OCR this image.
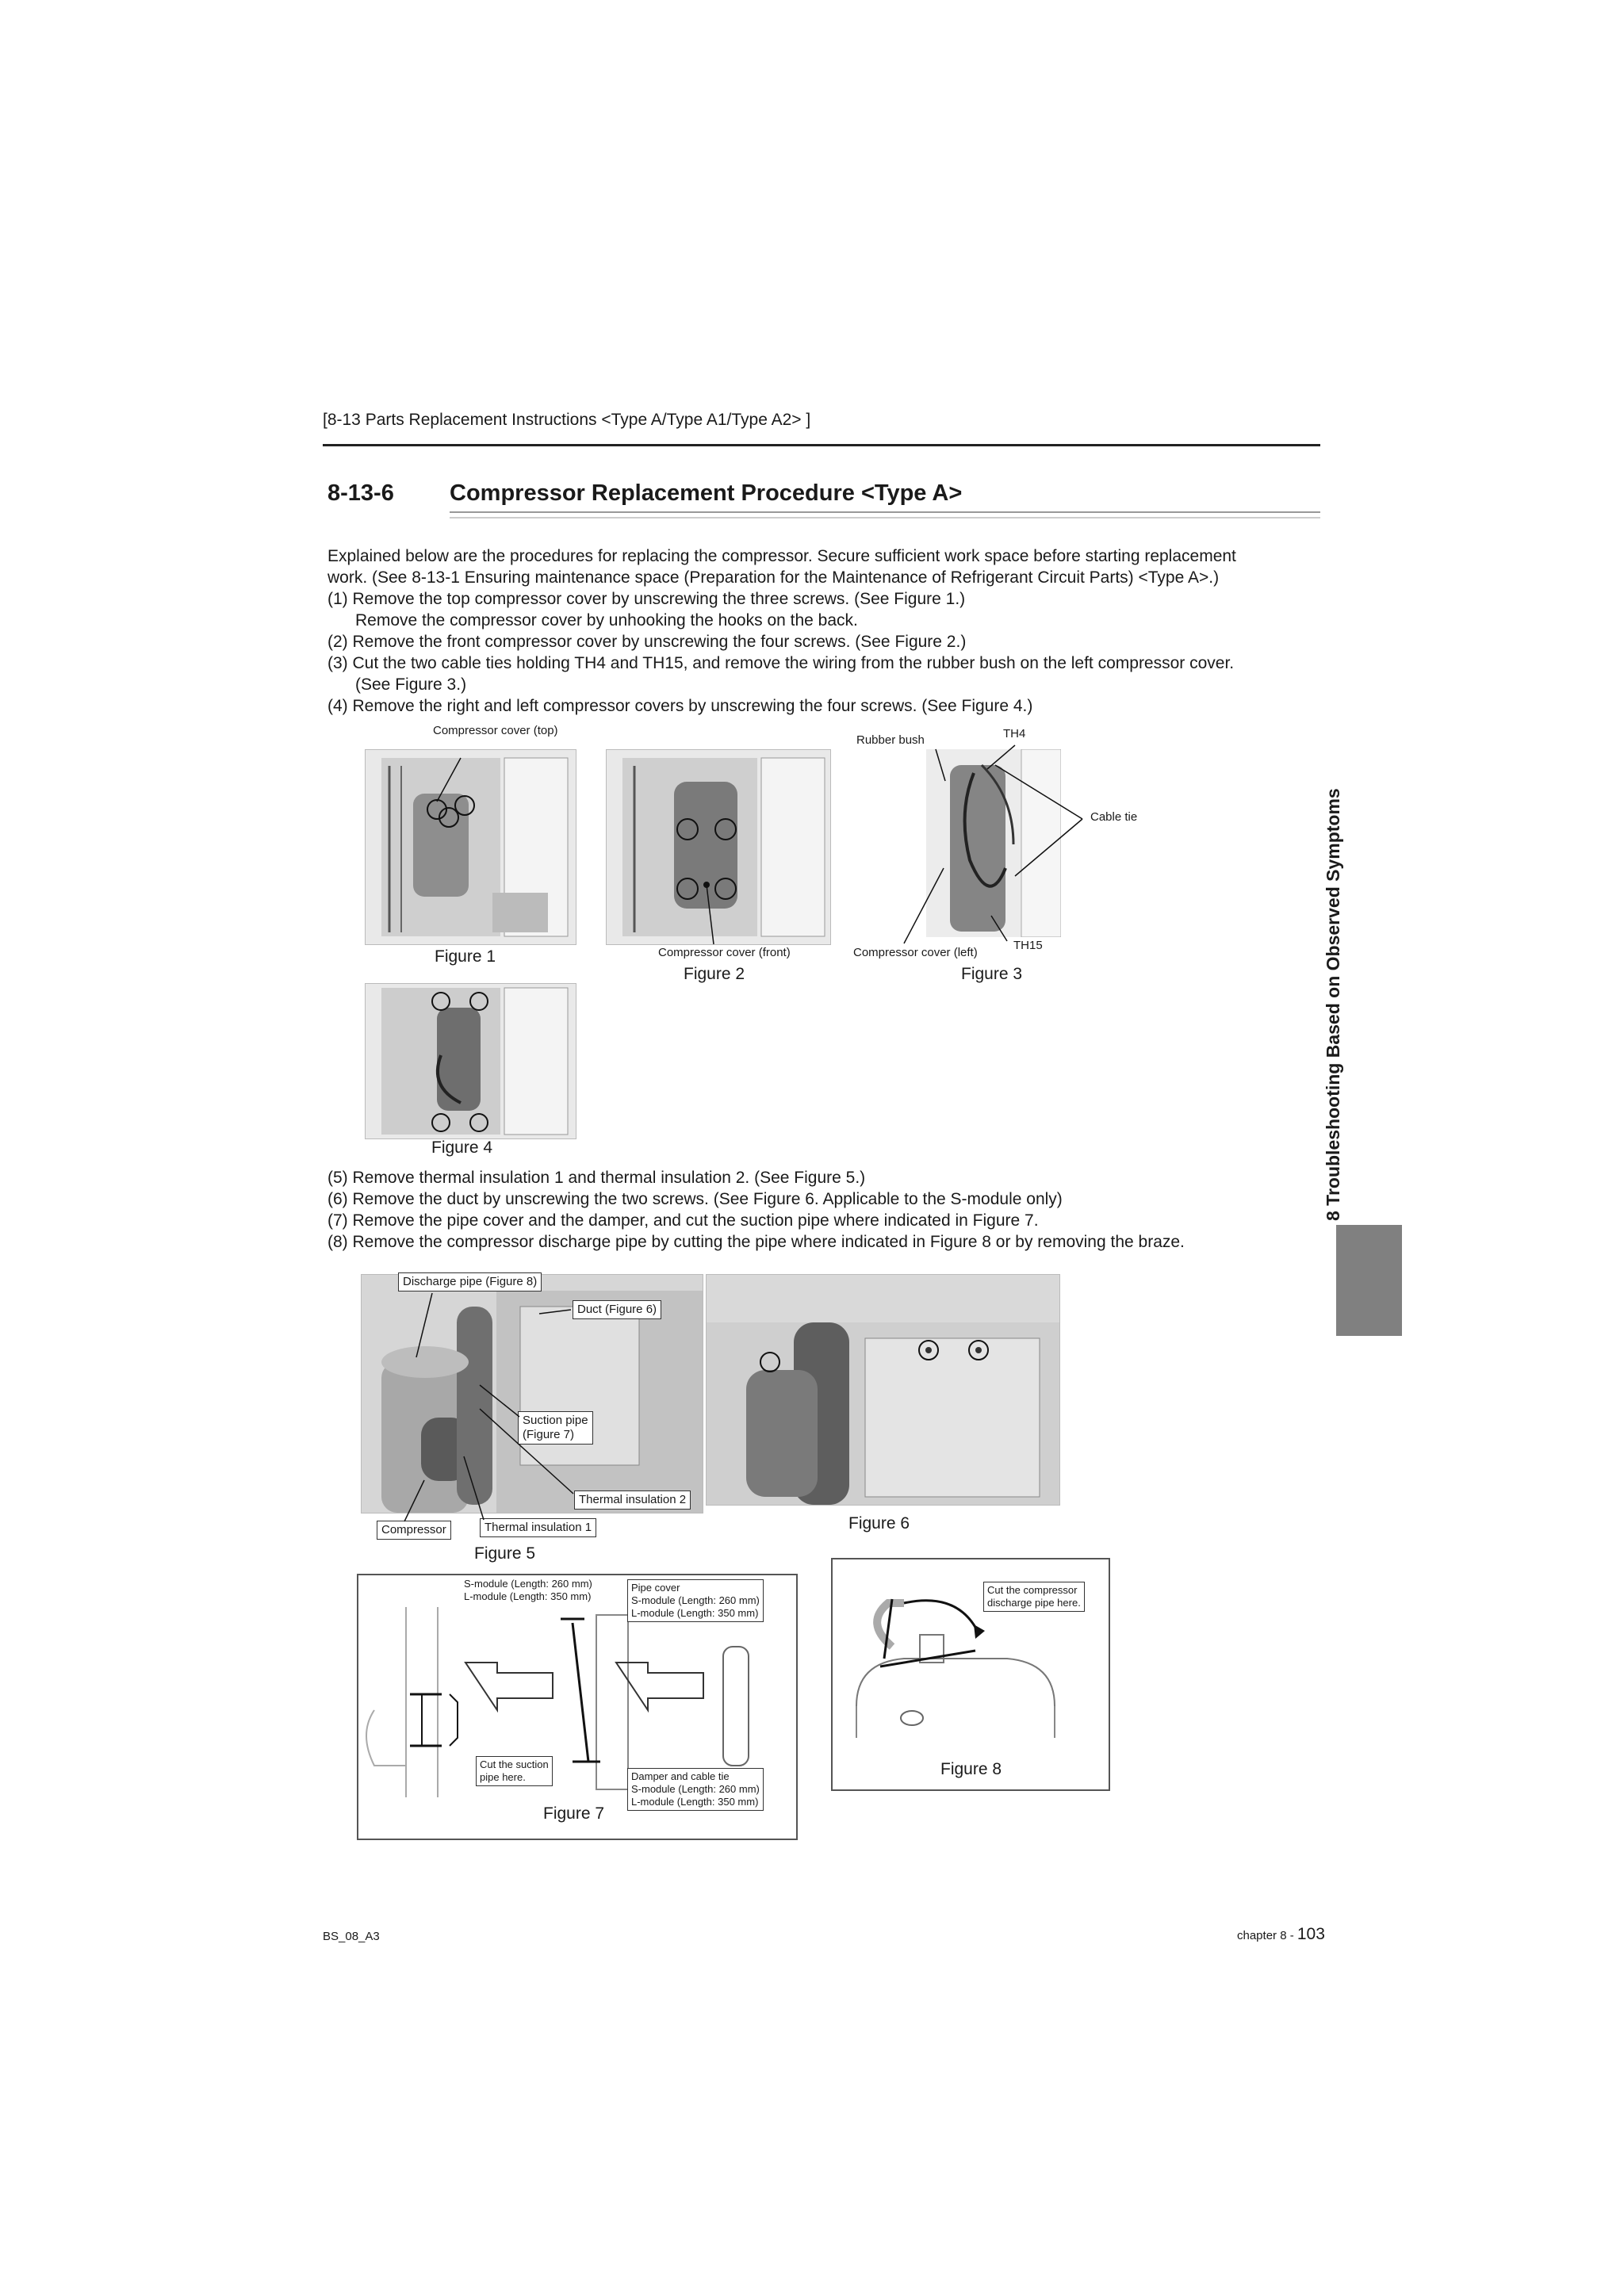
[8-13 Parts Replacement Instructions <Type A/Type A1/Type A2> ]
8-13-6 Compressor Replacement Procedure <Type A>
Explained below are the procedures for replacing the compressor. Secure sufficient work space before starting replacement
work. (See 8-13-1 Ensuring maintenance space (Preparation for the Maintenance of Refrigerant Circuit Parts) <Type A>.)
(1) Remove the top compressor cover by unscrewing the three screws. (See Figure 1.)
Remove the compressor cover by unhooking the hooks on the back.
(2) Remove the front compressor cover by unscrewing the four screws. (See Figure 2.)
(3) Cut the two cable ties holding TH4 and TH15, and remove the wiring from the rubber bush on the left compressor cover.
(See Figure 3.)
(4) Remove the right and left compressor covers by unscrewing the four screws. (See Figure 4.)
Compressor cover (top)
Figure 1	Compressor cover (front)
Figure 2
Rubber bush	TH4
Cable tie
TH15
Compressor cover (left)
Figure 3
Figure 4
(5) Remove thermal insulation 1 and thermal insulation 2. (See Figure 5.)
(6) Remove the duct by unscrewing the two screws. (See Figure 6. Applicable to the S-module only)
(7) Remove the pipe cover and the damper, and cut the suction pipe where indicated in Figure 7.
(8) Remove the compressor discharge pipe by cutting the pipe where indicated in Figure 8 or by removing the braze.
Discharge pipe (Figure 8)
Duct (Figure 6)
Suction pipe
(Figure 7)
Thermal insulation 2
Thermal insulation 1
Compressor
Figure 5
Figure 6
S-module (Length: 260 mm)
L-module (Length: 350 mm)
Pipe cover
S-module (Length: 260 mm)
L-module (Length: 350 mm)
Cut the suction
pipe here.	Damper and cable tie
S-module (Length: 260 mm)
L-module (Length: 350 mm)
Figure 7
Cut the compressor
discharge pipe here.
Figure 8
8 Troubleshooting Based on Observed Symptoms
BS_08_A3	chapter 8 - 103
